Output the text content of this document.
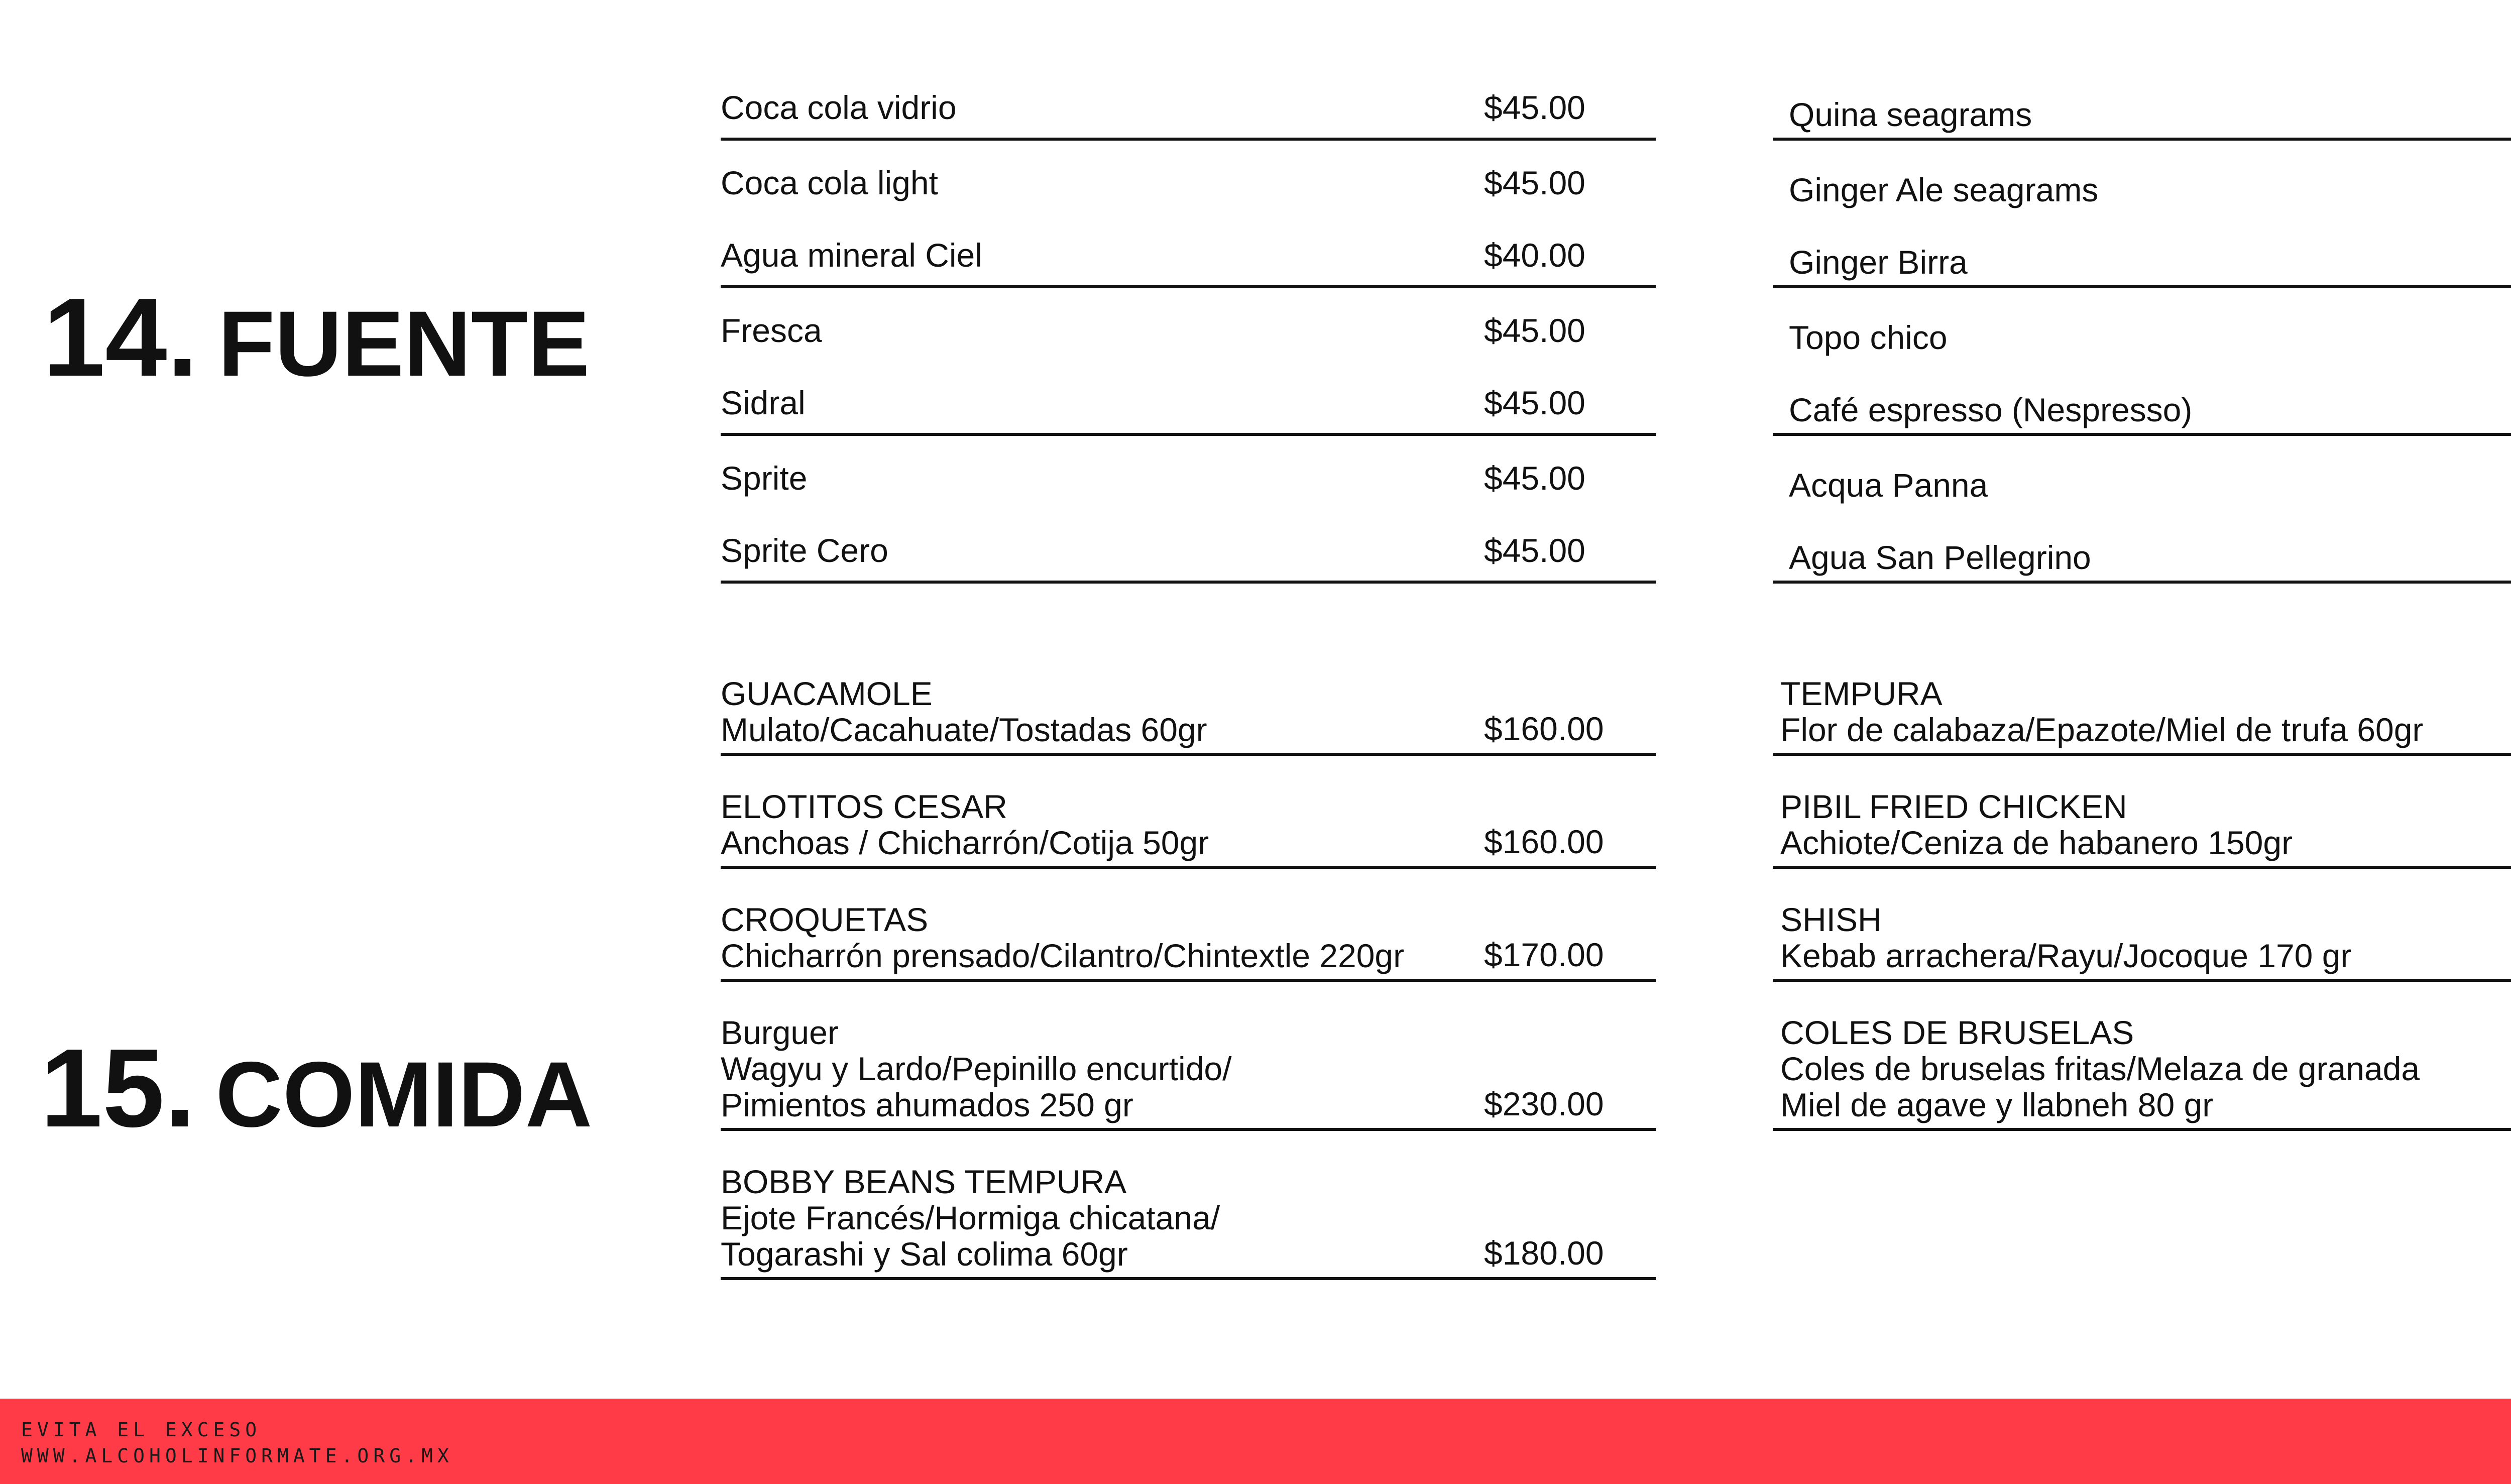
14. FUENTE
15. COMIDA
Coca cola vidrio	$45.00
Coca cola light	$45.00
Agua mineral Ciel	$40.00
Fresca	$45.00
Sidral	$45.00
Sprite	$45.00
Sprite Cero	$45.00
Quina seagrams
Ginger Ale seagrams
Ginger Birra
Topo chico
Café espresso (Nespresso)
Acqua Panna
Agua San Pellegrino
GUACAMOLE
Mulato/Cacahuate/Tostadas 60gr	$160.00
ELOTITOS CESAR
Anchoas / Chicharrón/Cotija 50gr	$160.00
CROQUETAS
Chicharrón prensado/Cilantro/Chintextle 220gr	$170.00
Burguer
Wagyu y Lardo/Pepinillo encurtido/
Pimientos ahumados 250 gr	$230.00
BOBBY BEANS TEMPURA
Ejote Francés/Hormiga chicatana/
Togarashi y Sal colima 60gr	$180.00
TEMPURA
Flor de calabaza/Epazote/Miel de trufa 60gr
PIBIL FRIED CHICKEN
Achiote/Ceniza de habanero 150gr
SHISH
Kebab arrachera/Rayu/Jocoque 170 gr
COLES DE BRUSELAS
Coles de bruselas fritas/Melaza de granada
Miel de agave y llabneh 80 gr
EVITA EL EXCESO
WWW.ALCOHOLINFORMATE.ORG.MX
